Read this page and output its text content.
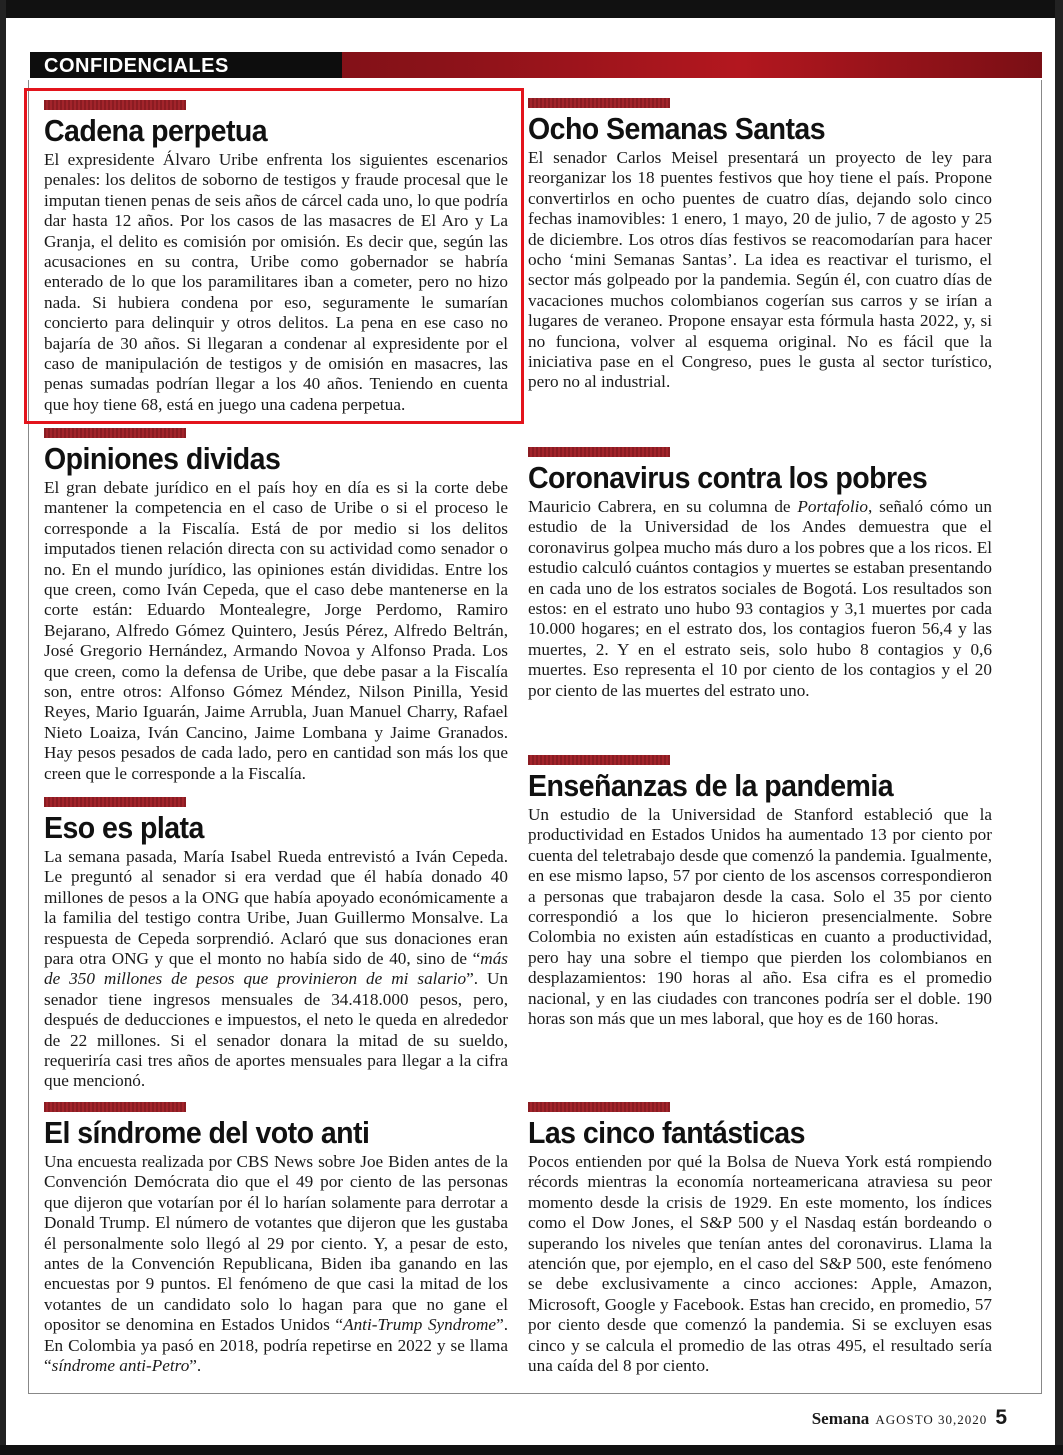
CONFIDENCIALES
Cadena perpetua

El expresidente Álvaro Uribe enfrenta los siguientes escenarios penales: los delitos de soborno de testigos y fraude procesal que le imputan tienen penas de seis años de cárcel cada uno, lo que podría dar hasta 12 años. Por los casos de las masacres de El Aro y La Granja, el delito es comisión por omisión. Es decir que, según las acusaciones en su contra, Uribe como gobernador se habría enterado de lo que los paramilitares iban a cometer, pero no hizo nada. Si hubiera condena por eso, seguramente le sumarían concierto para delinquir y otros delitos. La pena en ese caso no bajaría de 30 años. Si llegaran a condenar al expresidente por el caso de manipulación de testigos y de omisión en masacres, las penas sumadas podrían llegar a los 40 años. Teniendo en cuenta que hoy tiene 68, está en juego una cadena perpetua.

Opiniones dividas

El gran debate jurídico en el país hoy en día es si la corte debe mantener la competencia en el caso de Uribe o si el proceso le corresponde a la Fiscalía. Está de por medio si los delitos imputados tienen relación directa con su actividad como senador o no. En el mundo jurídico, las opiniones están divididas. Entre los que creen, como Iván Cepeda, que el caso debe mantenerse en la corte están: Eduardo Montealegre, Jorge Perdomo, Ramiro Bejarano, Alfredo Gómez Quintero, Jesús Pérez, Alfredo Beltrán, José Gregorio Hernández, Armando Novoa y Alfonso Prada. Los que creen, como la defensa de Uribe, que debe pasar a la Fiscalía son, entre otros: Alfonso Gómez Méndez, Nilson Pinilla, Yesid Reyes, Mario Iguarán, Jaime Arrubla, Juan Manuel Charry, Rafael Nieto Loaiza, Iván Cancino, Jaime Lombana y Jaime Granados. Hay pesos pesados de cada lado, pero en cantidad son más los que creen que le corresponde a la Fiscalía.

Eso es plata

La semana pasada, María Isabel Rueda entrevistó a Iván Cepeda. Le preguntó al senador si era verdad que él había donado 40 millones de pesos a la ONG que había apoyado económicamente a la familia del testigo contra Uribe, Juan Guillermo Monsalve. La respuesta de Cepeda sorprendió. Aclaró que sus donaciones eran para otra ONG y que el monto no había sido de 40, sino de “más de 350 millones de pesos que provinieron de mi salario”. Un senador tiene ingresos mensuales de 34.418.000 pesos, pero, después de deducciones e impuestos, el neto le queda en alrededor de 22 millones. Si el senador donara la mitad de su sueldo, requeriría casi tres años de aportes mensuales para llegar a la cifra que mencionó.

El síndrome del voto anti

Una encuesta realizada por CBS News sobre Joe Biden antes de la Convención Demócrata dio que el 49 por ciento de las personas que dijeron que votarían por él lo harían solamente para derrotar a Donald Trump. El número de votantes que dijeron que les gustaba él personalmente solo llegó al 29 por ciento. Y, a pesar de esto, antes de la Convención Republicana, Biden iba ganando en las encuestas por 9 puntos. El fenómeno de que casi la mitad de los votantes de un candidato solo lo hagan para que no gane el opositor se denomina en Estados Unidos “Anti-Trump Syndrome”. En Colombia ya pasó en 2018, podría repetirse en 2022 y se llama “síndrome anti-Petro”.

Ocho Semanas Santas

El senador Carlos Meisel presentará un proyecto de ley para reorganizar los 18 puentes festivos que hoy tiene el país. Propone convertirlos en ocho puentes de cuatro días, dejando solo cinco fechas inamovibles: 1 enero, 1 mayo, 20 de julio, 7 de agosto y 25 de diciembre. Los otros días festivos se reacomodarían para hacer ocho ‘mini Semanas Santas’. La idea es reactivar el turismo, el sector más golpeado por la pandemia. Según él, con cuatro días de vacaciones muchos colombianos cogerían sus carros y se irían a lugares de veraneo. Propone ensayar esta fórmula hasta 2022, y, si no funciona, volver al esquema original. No es fácil que la iniciativa pase en el Congreso, pues le gusta al sector turístico, pero no al industrial.

Coronavirus contra los pobres

Mauricio Cabrera, en su columna de Portafolio, señaló cómo un estudio de la Universidad de los Andes demuestra que el coronavirus golpea mucho más duro a los pobres que a los ricos. El estudio calculó cuántos contagios y muertes se estaban presentando en cada uno de los estratos sociales de Bogotá. Los resultados son estos: en el estrato uno hubo 93 contagios y 3,1 muertes por cada 10.000 hogares; en el estrato dos, los contagios fueron 56,4 y las muertes, 2. Y en el estrato seis, solo hubo 8 contagios y 0,6 muertes. Eso representa el 10 por ciento de los contagios y el 20 por ciento de las muertes del estrato uno.

Enseñanzas de la pandemia

Un estudio de la Universidad de Stanford estableció que la productividad en Estados Unidos ha aumentado 13 por ciento por cuenta del teletrabajo desde que comenzó la pandemia. Igualmente, en ese mismo lapso, 57 por ciento de los ascensos correspondieron a personas que trabajaron desde la casa. Solo el 35 por ciento correspondió a los que lo hicieron presencialmente. Sobre Colombia no existen aún estadísticas en cuanto a productividad, pero hay una sobre el tiempo que pierden los colombianos en desplazamientos: 190 horas al año. Esa cifra es el promedio nacional, y en las ciudades con trancones podría ser el doble. 190 horas son más que un mes laboral, que hoy es de 160 horas.

Las cinco fantásticas

Pocos entienden por qué la Bolsa de Nueva York está rompiendo récords mientras la economía norteamericana atraviesa su peor momento desde la crisis de 1929. En este momento, los índices como el Dow Jones, el S&P 500 y el Nasdaq están bordeando o superando los niveles que tenían antes del coronavirus. Llama la atención que, por ejemplo, en el caso del S&P 500, este fenómeno se debe exclusivamente a cinco acciones: Apple, Amazon, Microsoft, Google y Facebook. Estas han crecido, en promedio, 57 por ciento desde que comenzó la pandemia. Si se excluyen esas cinco y se calcula el promedio de las otras 495, el resultado sería una caída del 8 por ciento.

Semana AGOSTO 30,2020 5
